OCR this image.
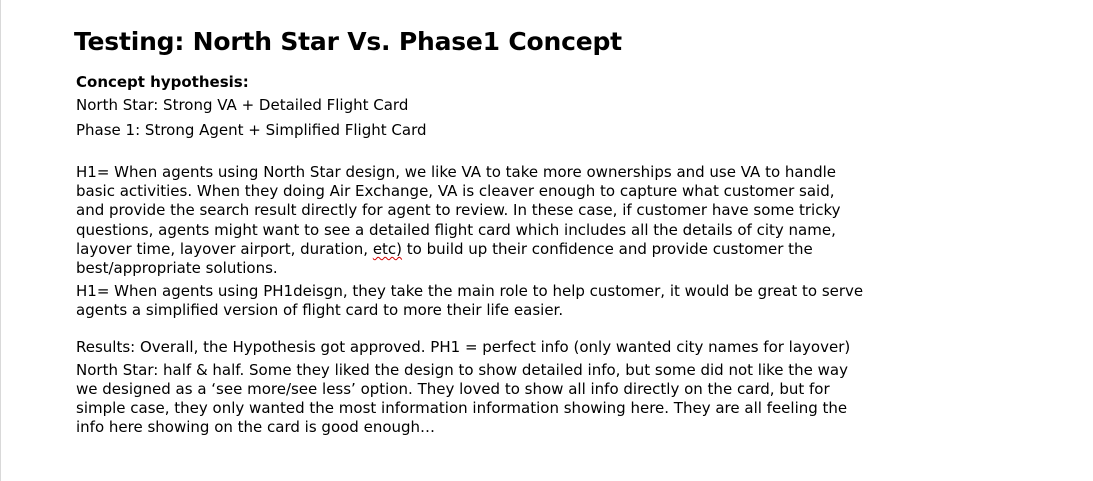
Testing: North Star Vs. Phase1 Concept
Concept hypothesis:
North Star: Strong VA + Detailed Flight Card
Phase 1: Strong Agent + Simplified Flight Card

H1= When agents using North Star design, we like VA to take more ownerships and use VA to handle basic activities. When they doing Air Exchange, VA is cleaver enough to capture what customer said, and provide the search result directly for agent to review. In these case, if customer have some tricky questions, agents might want to see a detailed flight card which includes all the details of city name, layover time, layover airport, duration, etc) to build up their confidence and provide customer the best/appropriate solutions.

H1= When agents using PH1deisgn, they take the main role to help customer, it would be great to serve agents a simplified version of flight card to more their life easier.

Results: Overall, the Hypothesis got approved. PH1 = perfect info (only wanted city names for layover)

North Star: half & half. Some they liked the design to show detailed info, but some did not like the way we designed as a ‘see more/see less’ option. They loved to show all info directly on the card, but for simple case, they only wanted the most information information showing here. They are all feeling the info here showing on the card is good enough…
